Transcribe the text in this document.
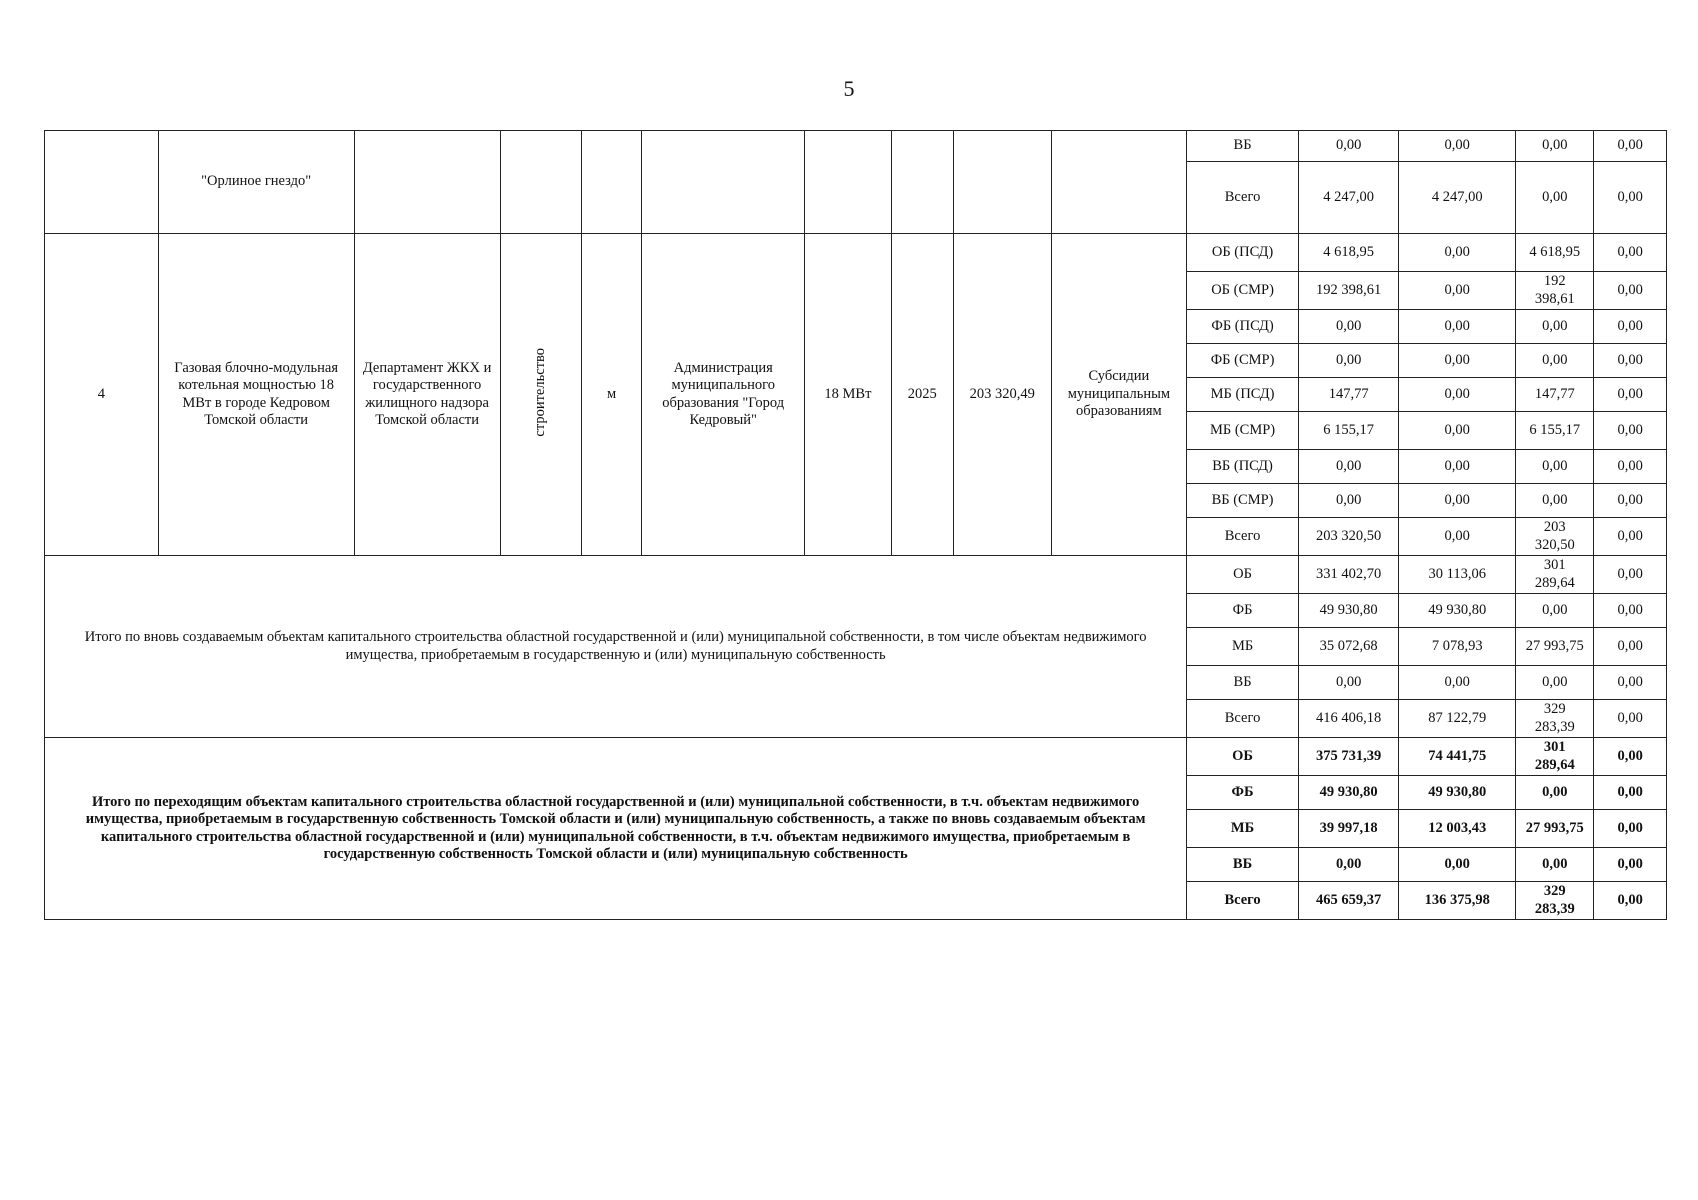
5
	"Орлиное гнездо"									ВБ	0,00	0,00	0,00	0,00
										Всего	4 247,00	4 247,00	0,00	0,00
4	Газовая блочно-модульная котельная мощностью 18 МВт в городе Кедровом Томской области	Департамент ЖКХ и государственного жилищного надзора Томской области	строительство	м	Администрация муниципального образования "Город Кедровый"	18 МВт	2025	203 320,49	Субсидии муниципальным образованиям	ОБ (ПСД)	4 618,95	0,00	4 618,95	0,00
										ОБ (СМР)	192 398,61	0,00	192 398,61	0,00
										ФБ (ПСД)	0,00	0,00	0,00	0,00
										ФБ (СМР)	0,00	0,00	0,00	0,00
										МБ (ПСД)	147,77	0,00	147,77	0,00
										МБ (СМР)	6 155,17	0,00	6 155,17	0,00
										ВБ (ПСД)	0,00	0,00	0,00	0,00
										ВБ (СМР)	0,00	0,00	0,00	0,00
										Всего	203 320,50	0,00	203 320,50	0,00
Итого по вновь создаваемым объектам капитального строительства областной государственной и (или) муниципальной собственности, в том числе объектам недвижимого имущества, приобретаемым в государственную и (или) муниципальную собственность										ОБ	331 402,70	30 113,06	301 289,64	0,00
										ФБ	49 930,80	49 930,80	0,00	0,00
										МБ	35 072,68	7 078,93	27 993,75	0,00
										ВБ	0,00	0,00	0,00	0,00
										Всего	416 406,18	87 122,79	329 283,39	0,00
Итого по переходящим объектам капитального строительства областной государственной и (или) муниципальной собственности, в т.ч. объектам недвижимого имущества, приобретаемым в государственную собственность Томской области и (или) муниципальную собственность, а также по вновь создаваемым объектам капитального строительства областной государственной и (или) муниципальной собственности, в т.ч. объектам недвижимого имущества, приобретаемым в государственную собственность Томской области и (или) муниципальную собственность										ОБ	375 731,39	74 441,75	301 289,64	0,00
										ФБ	49 930,80	49 930,80	0,00	0,00
										МБ	39 997,18	12 003,43	27 993,75	0,00
										ВБ	0,00	0,00	0,00	0,00
										Всего	465 659,37	136 375,98	329 283,39	0,00
